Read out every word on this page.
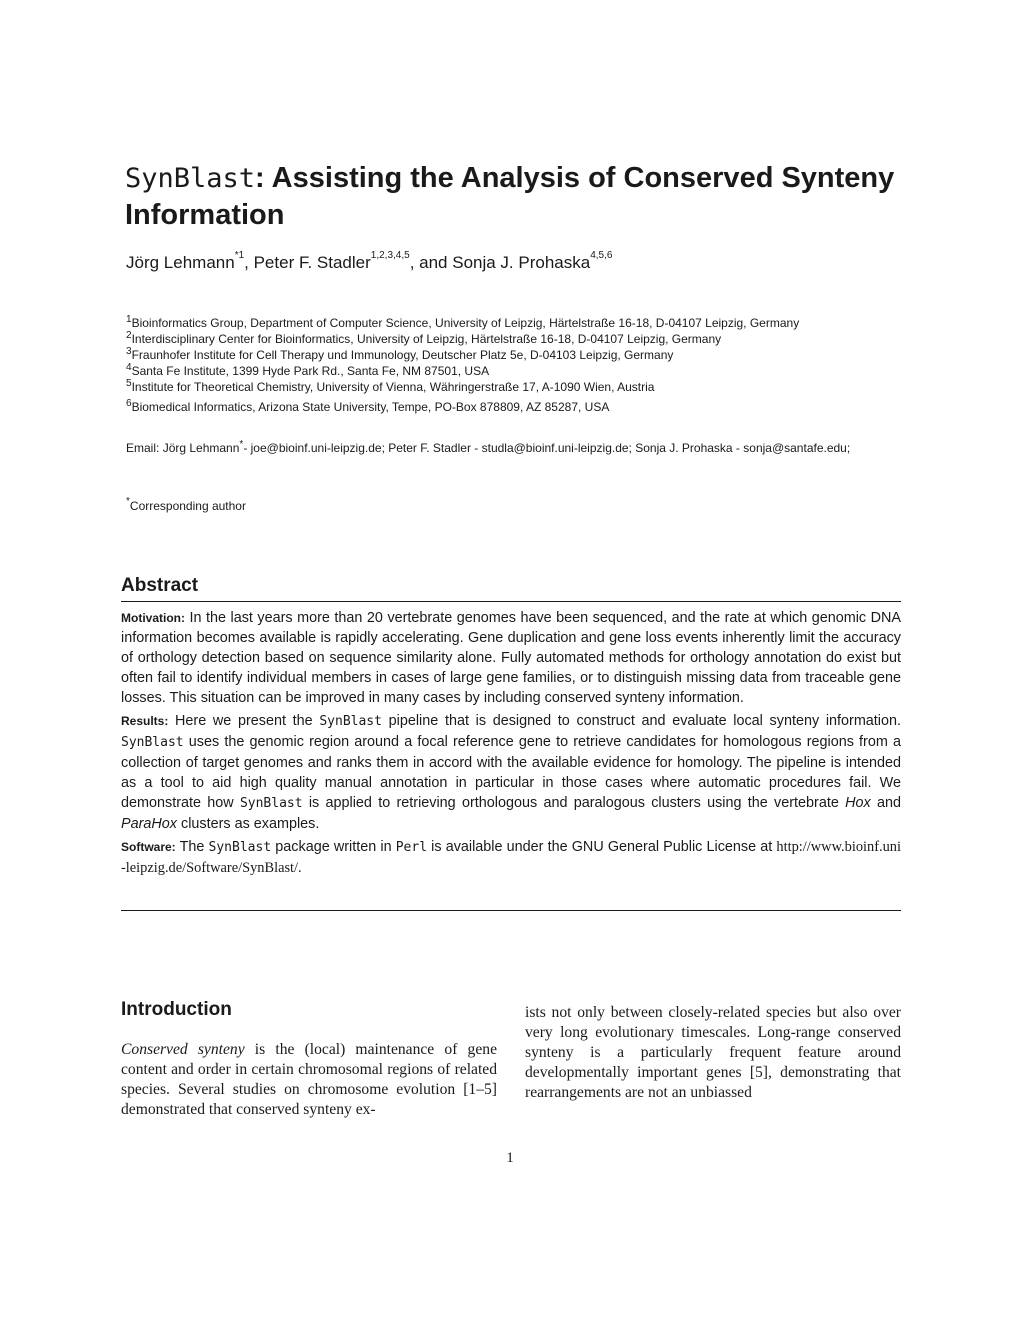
SynBlast: Assisting the Analysis of Conserved Synteny Information
Jörg Lehmann$^{*1}$, Peter F. Stadler$^{1,2,3,4,5}$, and Sonja J. Prohaska$^{4,5,6}$
$^1$Bioinformatics Group, Department of Computer Science, University of Leipzig, Härtelstraße 16-18, D-04107 Leipzig, Germany
$^2$Interdisciplinary Center for Bioinformatics, University of Leipzig, Härtelstraße 16-18, D-04107 Leipzig, Germany
$^3$Fraunhofer Institute for Cell Therapy und Immunology, Deutscher Platz 5e, D-04103 Leipzig, Germany
$^4$Santa Fe Institute, 1399 Hyde Park Rd., Santa Fe, NM 87501, USA
$^5$Institute for Theoretical Chemistry, University of Vienna, Währingerstraße 17, A-1090 Wien, Austria
$^6$Biomedical Informatics, Arizona State University, Tempe, PO-Box 878809, AZ 85287, USA
Email: Jörg Lehmann*- joe@bioinf.uni-leipzig.de; Peter F. Stadler - studla@bioinf.uni-leipzig.de; Sonja J. Prohaska - sonja@santafe.edu;
*Corresponding author
Abstract

Motivation: In the last years more than 20 vertebrate genomes have been sequenced, and the rate at which genomic DNA information becomes available is rapidly accelerating. Gene duplication and gene loss events inherently limit the accuracy of orthology detection based on sequence similarity alone. Fully automated methods for orthology annotation do exist but often fail to identify individual members in cases of large gene families, or to distinguish missing data from traceable gene losses. This situation can be improved in many cases by including conserved synteny information.

Results: Here we present the SynBlast pipeline that is designed to construct and evaluate local synteny information. SynBlast uses the genomic region around a focal reference gene to retrieve candidates for homologous regions from a collection of target genomes and ranks them in accord with the available evidence for homology. The pipeline is intended as a tool to aid high quality manual annotation in particular in those cases where automatic procedures fail. We demonstrate how SynBlast is applied to retrieving orthologous and paralogous clusters using the vertebrate Hox and ParaHox clusters as examples.

Software: The SynBlast package written in Perl is available under the GNU General Public License at http://www.bioinf.uni-leipzig.de/Software/SynBlast/.

Introduction
Conserved synteny is the (local) maintenance of gene content and order in certain chromosomal regions of related species. Several studies on chromosome evolution [1–5] demonstrated that conserved synteny ex-
ists not only between closely-related species but also over very long evolutionary timescales. Long-range conserved synteny is a particularly frequent feature around developmentally important genes [5], demonstrating that rearrangements are not an unbiassed
1
